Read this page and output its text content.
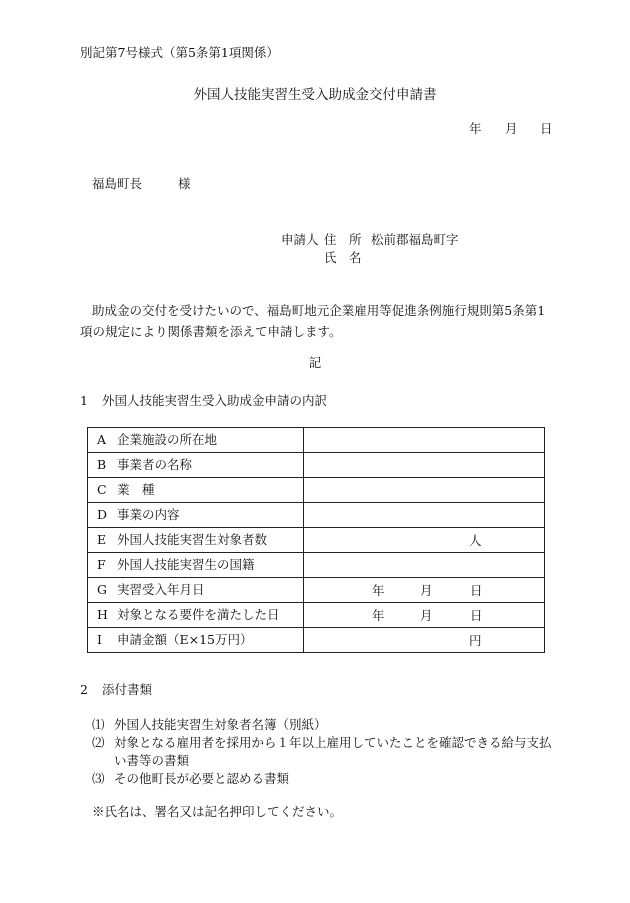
別記第7号様式（第5条第1項関係）
外国人技能実習生受入助成金交付申請書
年 月 日
福島町長	様
申請人 住　所 松前郡福島町字
氏　名
助成金の交付を受けたいので、福島町地元企業雇用等促進条例施行規則第5条第1項の規定により関係書類を添えて申請します。
記
1 外国人技能実習生受入助成金申請の内訳
A 企業施設の所在地	
B 事業者の名称	
C 業　種	
D 事業の内容	
E 外国人技能実習生対象者数	人

F 外国人技能実習生の国籍	
G 実習受入年月日	年 月 日

H 対象となる要件を満たした日	年 月 日

I 申請金額（E×15万円）	円
2 添付書類
⑴ 外国人技能実習生対象者名簿（別紙）
⑵ 対象となる雇用者を採用から１年以上雇用していたことを確認できる給与支払い書等の書類
⑶ その他町長が必要と認める書類
※氏名は、署名又は記名押印してください。
